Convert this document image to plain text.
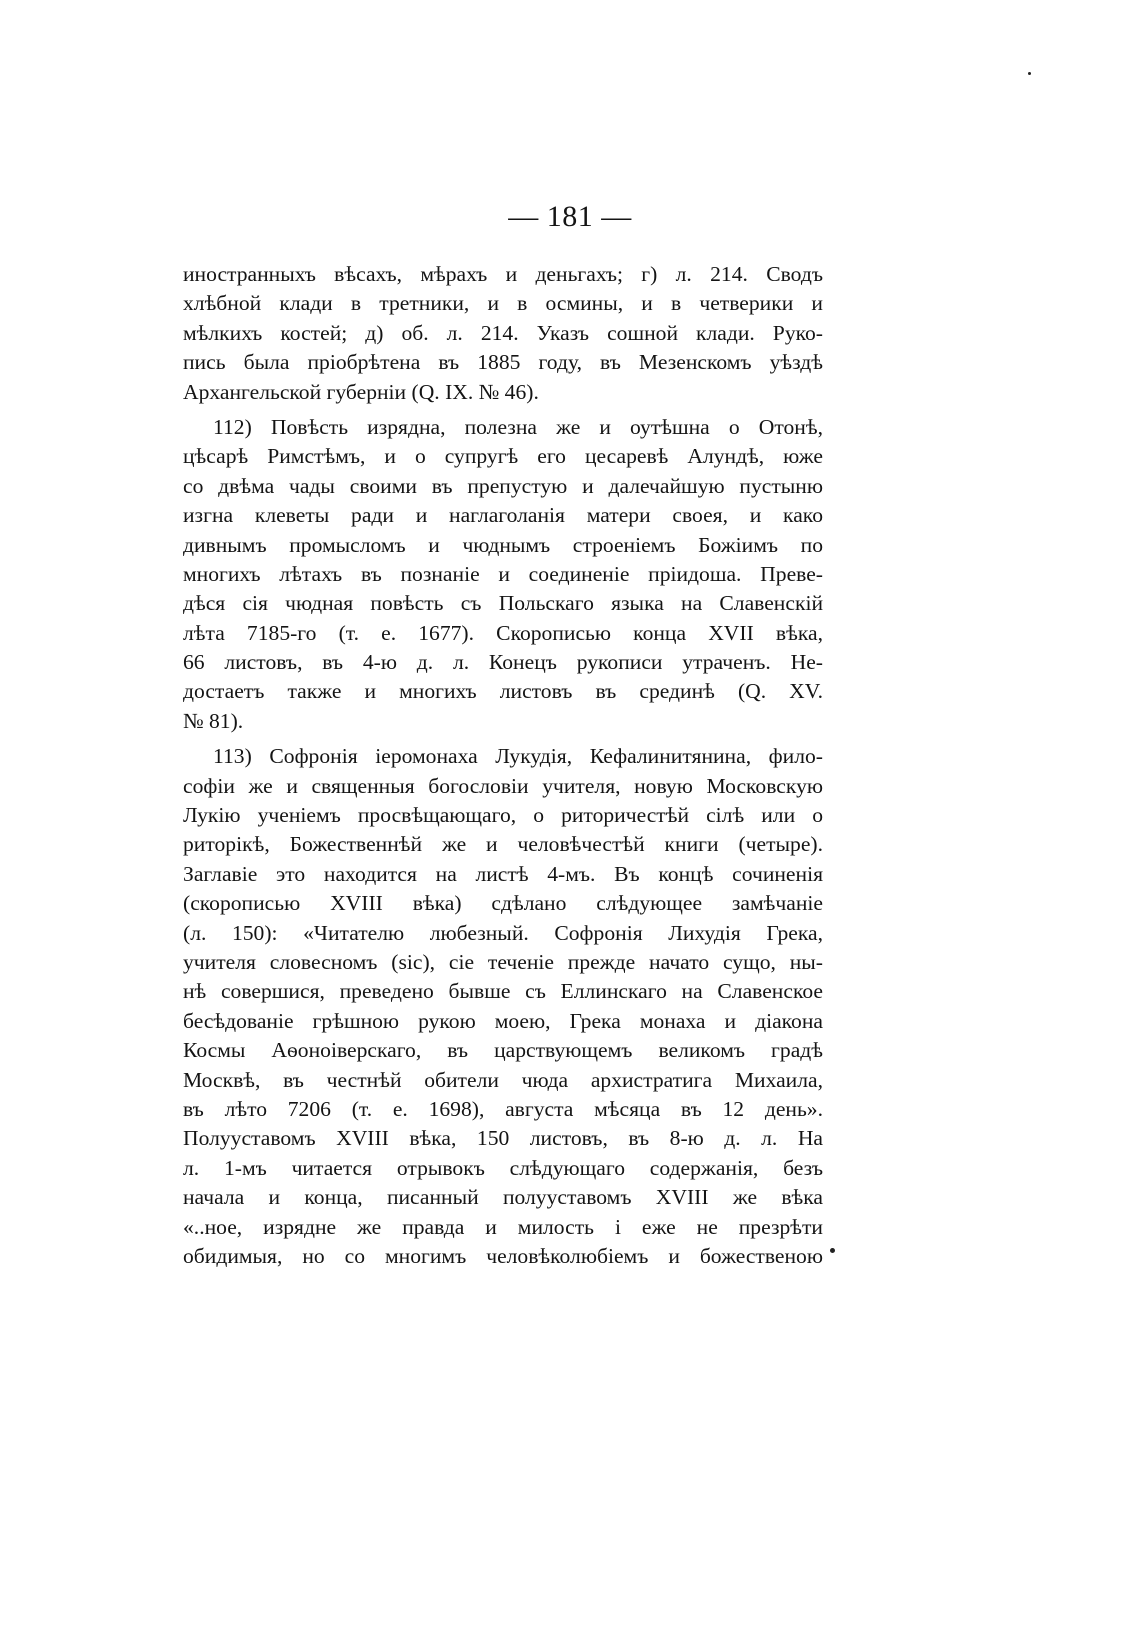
— 181 —
иностранныхъ вѣсахъ, мѣрахъ и деньгахъ; г) л. 214. Сводъ
хлѣбной клади в третники, и в осмины, и в четверики и
мѣлкихъ костей; д) об. л. 214. Указъ сошной клади. Руко-
пись была пріобрѣтена въ 1885 году, въ Мезенскомъ уѣздѣ
Архангельской губерніи (Q. IX. № 46).
112) Повѣсть изрядна, полезна же и оутѣшна о Отонѣ,
цѣсарѣ Римстѣмъ, и о супругѣ его цесаревѣ Алундѣ, юже
со двѣма чады своими въ препустую и далечайшую пустыню
изгна клеветы ради и наглаголанія матери своея, и како
дивнымъ промысломъ и чюднымъ строеніемъ Божіимъ по
многихъ лѣтахъ въ познаніе и соединеніе пріидоша. Преве-
дѣся сія чюдная повѣсть съ Польскаго языка на Славенскій
лѣта 7185-го (т. е. 1677). Скорописью конца XVII вѣка,
66 листовъ, въ 4-ю д. л. Конецъ рукописи утраченъ. Не-
достаетъ также и многихъ листовъ въ срединѣ (Q. XV.
№ 81).
113) Софронія іеромонаха Лукудія, Кефалинитянина, фило-
софіи же и священныя богословіи учителя, новую Московскую
Лукію ученіемъ просвѣщающаго, о риторичестѣй сілѣ или о
риторікѣ, Божественнѣй же и человѣчестѣй книги (четыре).
Заглавіе это находится на листѣ 4-мъ. Въ концѣ сочиненія
(скорописью XVIII вѣка) сдѣлано слѣдующее замѣчаніе
(л. 150): «Читателю любезный. Софронія Лихудія Грека,
учителя словесномъ (sic), сіе теченіе прежде начато сущо, ны-
нѣ совершися, преведено бывше съ Еллинскаго на Славенское
бесѣдованіе грѣшною рукою моею, Грека монаха и діакона
Космы Аѳоноіверскаго, въ царствующемъ великомъ градѣ
Москвѣ, въ честнѣй обители чюда архистратига Михаила,
въ лѣто 7206 (т. е. 1698), августа мѣсяца въ 12 день».
Полууставомъ XVIII вѣка, 150 листовъ, въ 8-ю д. л. На
л. 1-мъ читается отрывокъ слѣдующаго содержанія, безъ
начала и конца, писанный полууставомъ XVIII же вѣка
«..ное, изрядне же правда и милость і еже не презрѣти
обидимыя, но со многимъ человѣколюбіемъ и божественою
